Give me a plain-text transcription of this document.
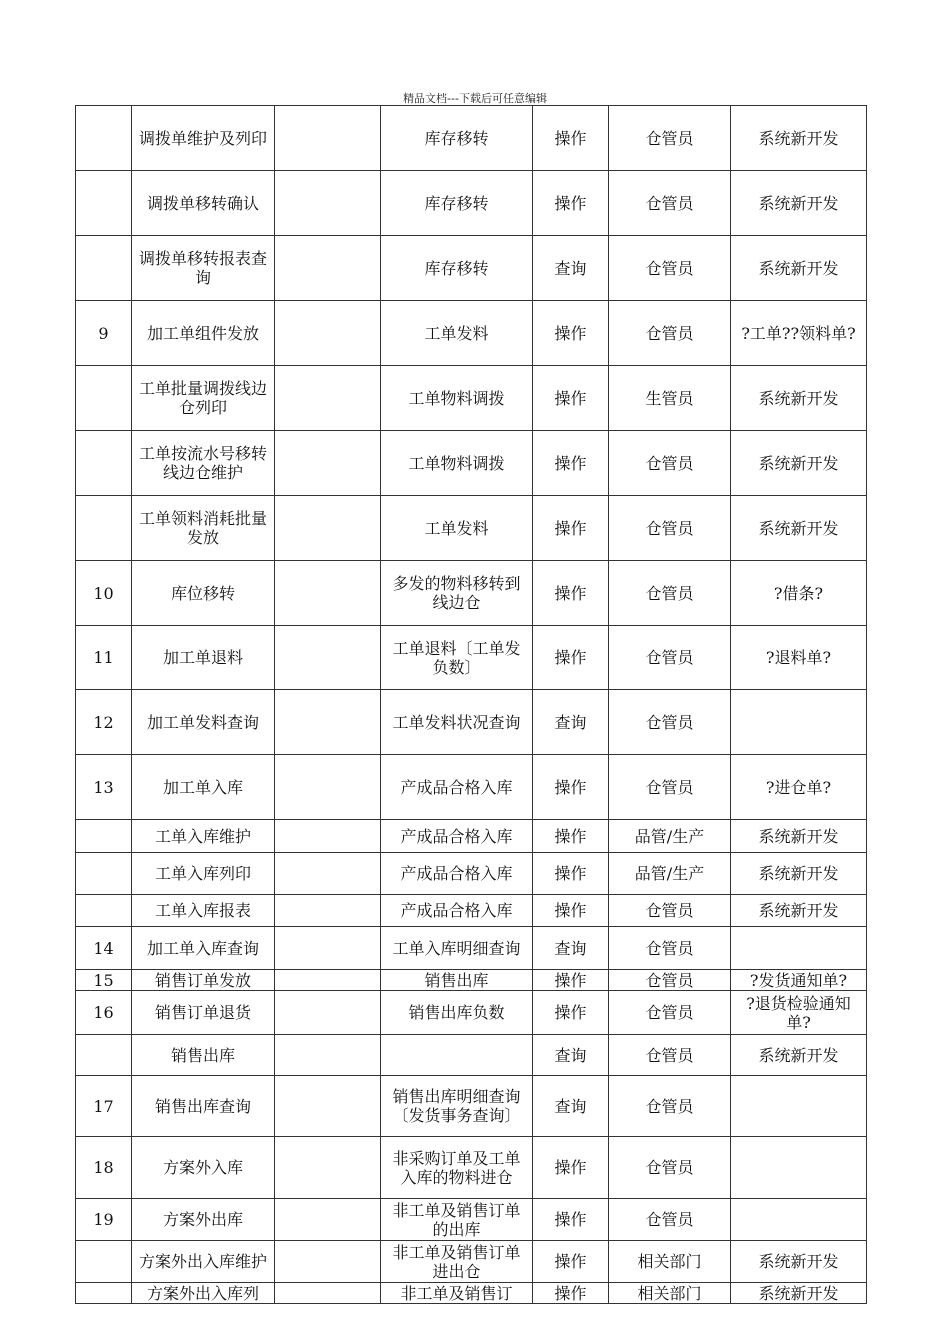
精品文档---下载后可任意编辑
	调拨单维护及列印		库存移转	操作	仓管员	系统新开发
	调拨单移转确认		库存移转	操作	仓管员	系统新开发
	调拨单移转报表查询		库存移转	查询	仓管员	系统新开发
9	加工单组件发放		工单发料	操作	仓管员	?工单??领料单?
	工单批量调拨线边仓列印		工单物料调拨	操作	生管员	系统新开发
	工单按流水号移转线边仓维护		工单物料调拨	操作	仓管员	系统新开发
	工单领料消耗批量发放		工单发料	操作	仓管员	系统新开发
10	库位移转		多发的物料移转到线边仓	操作	仓管员	?借条?
11	加工单退料		工单退料〔工单发负数〕	操作	仓管员	?退料单?
12	加工单发料查询		工单发料状况查询	查询	仓管员	
13	加工单入库		产成品合格入库	操作	仓管员	?进仓单?
	工单入库维护		产成品合格入库	操作	品管/生产	系统新开发
	工单入库列印		产成品合格入库	操作	品管/生产	系统新开发
	工单入库报表		产成品合格入库	操作	仓管员	系统新开发
14	加工单入库查询		工单入库明细查询	查询	仓管员	
15	销售订单发放		销售出库	操作	仓管员	?发货通知单?
16	销售订单退货		销售出库负数	操作	仓管员	?退货检验通知单?
	销售出库			查询	仓管员	系统新开发
17	销售出库查询		销售出库明细查询〔发货事务查询〕	查询	仓管员	
18	方案外入库		非采购订单及工单入库的物料进仓	操作	仓管员	
19	方案外出库		非工单及销售订单的出库	操作	仓管员	
	方案外出入库维护		非工单及销售订单进出仓	操作	相关部门	系统新开发
	方案外出入库列		非工单及销售订	操作	相关部门	系统新开发
